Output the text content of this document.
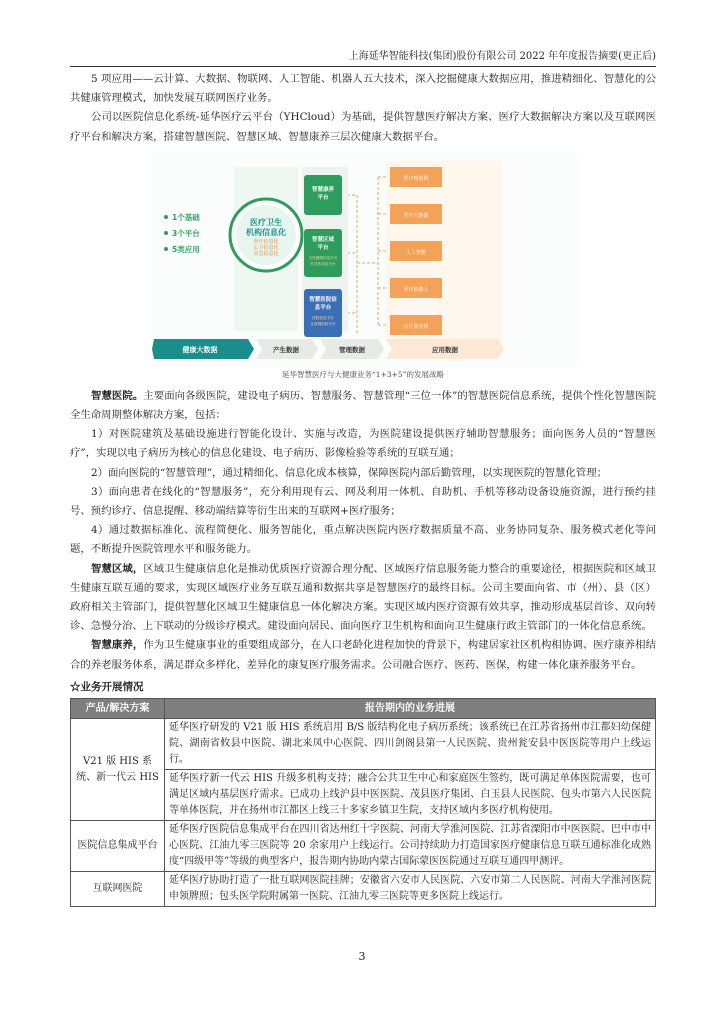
上海延华智能科技(集团)股份有限公司 2022 年年度报告摘要(更正后)

5 项应用——云计算、大数据、物联网、人工智能、机器人五大技术，深入挖掘健康大数据应用，推进精细化、智慧化的公共健康管理模式，加快发展互联网医疗业务。

公司以医院信息化系统-延华医疗云平台（YHCloud）为基础，提供智慧医疗解决方案、医疗大数据解决方案以及互联网医疗平台和解决方案，搭建智慧医院、智慧区域、智慧康养三层次健康大数据平台。

1个基础
3个平台
5类应用
医疗卫生
机构信息化
医疗信息化
公卫信息化
应急信息化
智慧康养
平台
智慧区域
平台
全民健康信息平台
医共体信息平台
智慧医院信
息平台
医院信息平台
互联网医院平台
医疗物联网
医疗大数据
人工智能
医疗机器人
云计算应用
健康大数据	产生数据	管理数据	应用数据
延华智慧医疗与大健康业务“1+3+5”的发展战略

智慧医院。主要面向各级医院，建设电子病历、智慧服务、智慧管理“三位一体”的智慧医院信息系统，提供个性化智慧医院全生命周期整体解决方案，包括：

1）对医院建筑及基础设施进行智能化设计、实施与改造，为医院建设提供医疗辅助智慧服务；面向医务人员的“智慧医疗”，实现以电子病历为核心的信息化建设、电子病历、影像检验等系统的互联互通；

2）面向医院的“智慧管理”，通过精细化、信息化成本核算，保障医院内部后勤管理，以实现医院的智慧化管理；

3）面向患者在线化的“智慧服务”，充分利用现有云、网及利用一体机、自助机、手机等移动设备设施资源，进行预约挂号、预约诊疗、信息提醒、移动端结算等衍生出来的互联网+医疗服务；

4）通过数据标准化、流程简便化、服务智能化，重点解决医院内医疗数据质量不高、业务协同复杂、服务模式老化等问题，不断提升医院管理水平和服务能力。

智慧区域，区域卫生健康信息化是推动优质医疗资源合理分配、区域医疗信息服务能力整合的重要途径，根据医院和区域卫生健康互联互通的要求，实现区域医疗业务互联互通和数据共享是智慧医疗的最终目标。公司主要面向省、市（州）、县（区）政府相关主管部门，提供智慧化区域卫生健康信息一体化解决方案。实现区域内医疗资源有效共享，推动形成基层首诊、双向转诊、急慢分治、上下联动的分级诊疗模式。建设面向居民、面向医疗卫生机构和面向卫生健康行政主管部门的一体化信息系统。

智慧康养，作为卫生健康事业的重要组成部分，在人口老龄化进程加快的背景下，构建居家社区机构相协调、医疗康养相结合的养老服务体系，满足群众多样化、差异化的康复医疗服务需求。公司融合医疗、医药、医保，构建一体化康养服务平台。

☆业务开展情况
产品/解决方案	报告期内的业务进展
V21 版 HIS 系统、新一代云 HIS	延华医疗研发的 V21 版 HIS 系统启用 B/S 版结构化电子病历系统；该系统已在江苏省扬州市江都妇幼保健院、湖南省攸县中医院、湖北来凤中心医院、四川剑阁县第一人民医院、贵州瓮安县中医医院等用户上线运行。
	延华医疗新一代云 HIS 升级多机构支持；融合公共卫生中心和家庭医生签约，既可满足单体医院需要，也可满足区域内基层医疗需求。已成功上线沪县中医医院、茂县医疗集团、白玉县人民医院、包头市第六人民医院等单体医院，并在扬州市江都区上线三十多家乡镇卫生院，支持区域内多医疗机构使用。
医院信息集成平台	延华医疗医院信息集成平台在四川省达州红十字医院、河南大学淮河医院、江苏省溧阳市中医医院、巴中市中心医院、江油九零三医院等 20 余家用户上线运行。公司持续助力打造国家医疗健康信息互联互通标准化成熟度“四级甲等”等级的典型客户，报告期内协助内蒙古国际蒙医医院通过互联互通四甲测评。
互联网医院	延华医疗协助打造了一批互联网医院挂牌；安徽省六安市人民医院、六安市第二人民医院、河南大学淮河医院申领牌照；包头医学院附属第一医院、江油九零三医院等更多医院上线运行。
3
